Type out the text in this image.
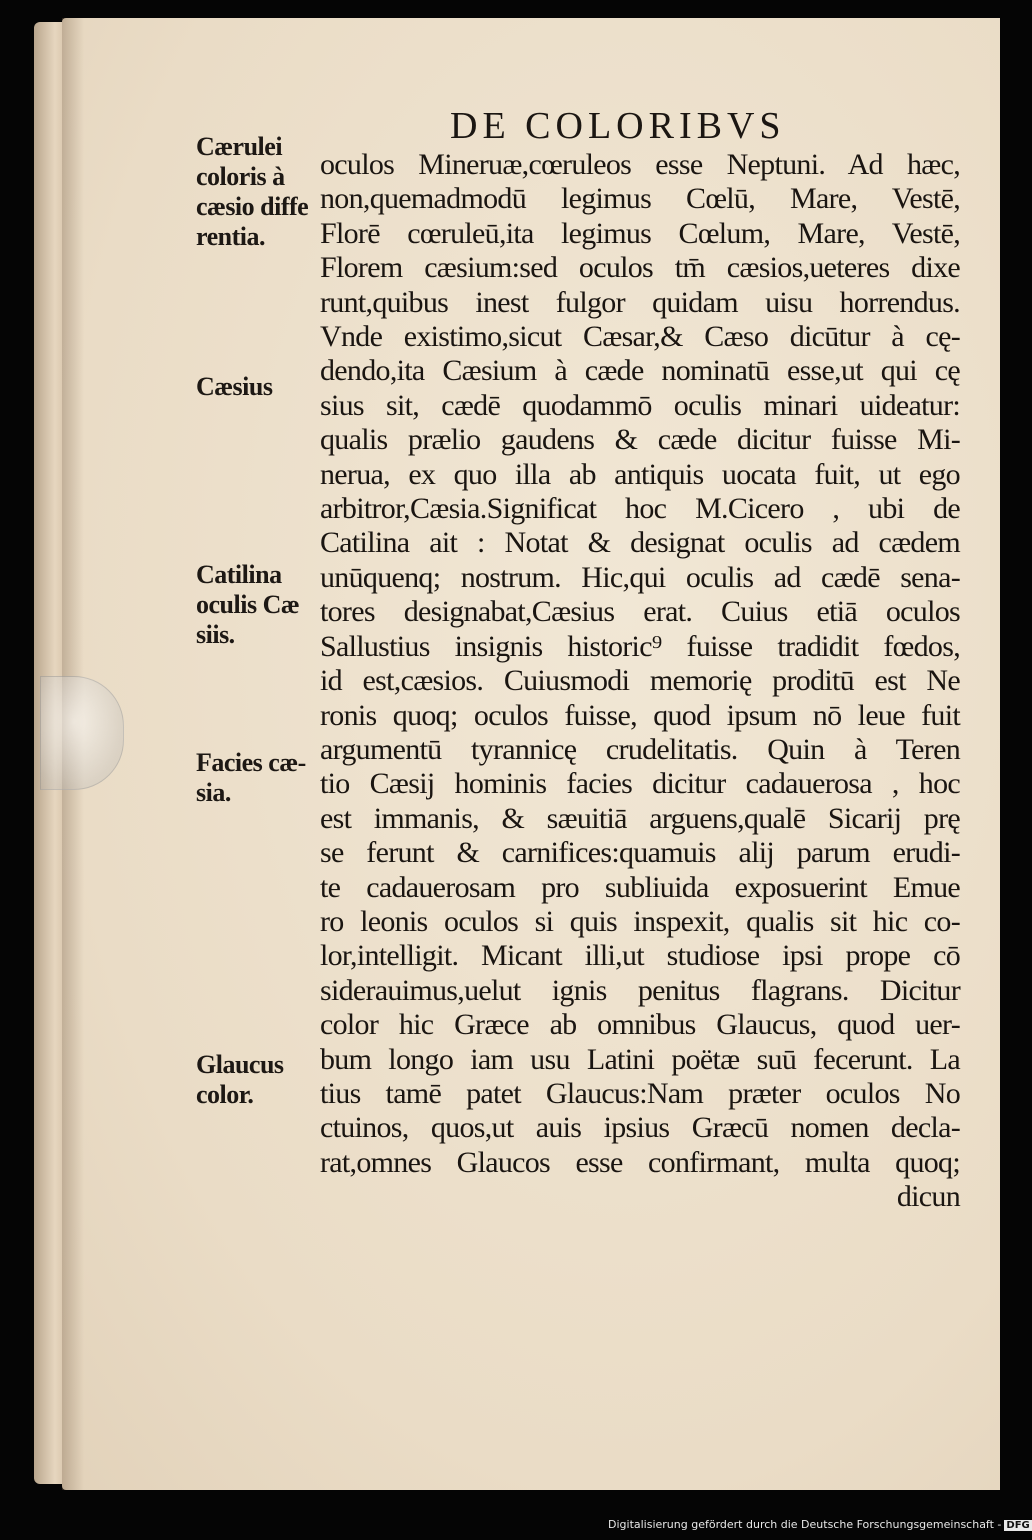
DE COLORIBVS
Cærulei
coloris à
cæsio diffe
rentia.
Cæsius
Catilina
oculis Cæ
siis.
Facies cæ-
sia.
Glaucus
color.
oculos Mineruæ,cœruleos esse Neptuni. Ad hæc,
non,quemadmodū legimus Cœlū, Mare, Vestē,
Florē cœruleū,ita legimus Cœlum, Mare, Vestē,
Florem cæsium:sed oculos tm̄ cæsios,ueteres dixe
runt,quibus inest fulgor quidam uisu horrendus.
Vnde existimo,sicut Cæsar,& Cæso dicūtur à cę-
dendo,ita Cæsium à cæde nominatū esse,ut qui cę
sius sit, cædē quodammō oculis minari uideatur:
qualis prælio gaudens & cæde dicitur fuisse Mi-
nerua, ex quo illa ab antiquis uocata fuit, ut ego
arbitror,Cæsia.Significat hoc M.Cicero , ubi de
Catilina ait : Notat & designat oculis ad cædem
unūquenq; nostrum. Hic,qui oculis ad cædē sena-
tores designabat,Cæsius erat. Cuius etiā oculos
Sallustius insignis historic⁹ fuisse tradidit fœdos,
id est,cæsios. Cuiusmodi memorię proditū est Ne
ronis quoq; oculos fuisse, quod ipsum nō leue fuit
argumentū tyrannicę crudelitatis. Quin à Teren
tio Cæsij hominis facies dicitur cadauerosa , hoc
est immanis, & sæuitiā arguens,qualē Sicarij prę
se ferunt & carnifices:quamuis alij parum erudi-
te cadauerosam pro subliuida exposuerint Emue
ro leonis oculos si quis inspexit, qualis sit hic co-
lor,intelligit. Micant illi,ut studiose ipsi prope cō
siderauimus,uelut ignis penitus flagrans. Dicitur
color hic Græce ab omnibus Glaucus, quod uer-
bum longo iam usu Latini poëtæ suū fecerunt. La
tius tamē patet Glaucus:Nam præter oculos No
ctuinos, quos,ut auis ipsius Græcū nomen decla-
rat,omnes Glaucos esse confirmant, multa quoq;
dicun
Digitalisierung gefördert durch die Deutsche Forschungsgemeinschaft - DFG
